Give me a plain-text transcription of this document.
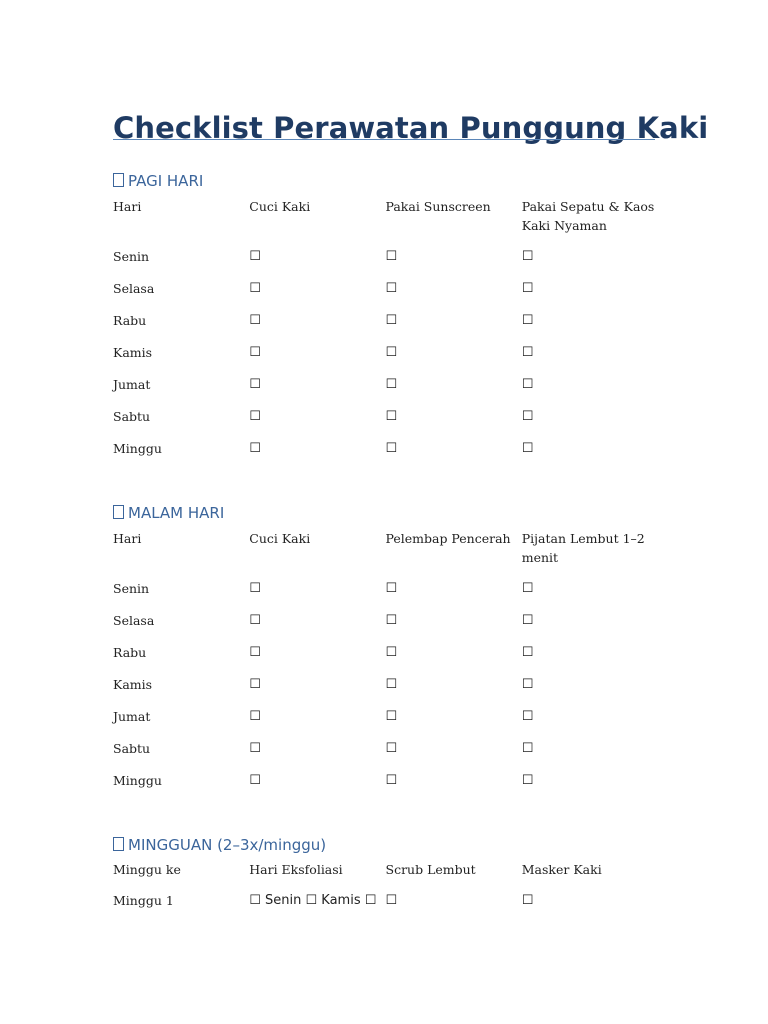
Checklist Perawatan Punggung Kaki
PAGI HARI
Hari	Cuci Kaki	Pakai Sunscreen	Pakai Sepatu & Kaos Kaki Nyaman
Senin	☐	☐	☐
Selasa	☐	☐	☐
Rabu	☐	☐	☐
Kamis	☐	☐	☐
Jumat	☐	☐	☐
Sabtu	☐	☐	☐
Minggu	☐	☐	☐
MALAM HARI
Hari	Cuci Kaki	Pelembap Pencerah	Pijatan Lembut 1–2 menit
Senin	☐	☐	☐
Selasa	☐	☐	☐
Rabu	☐	☐	☐
Kamis	☐	☐	☐
Jumat	☐	☐	☐
Sabtu	☐	☐	☐
Minggu	☐	☐	☐
MINGGUAN (2–3x/minggu)
Minggu ke	Hari Eksfoliasi	Scrub Lembut	Masker Kaki
Minggu 1	☐ Senin ☐ Kamis ☐	☐	☐
